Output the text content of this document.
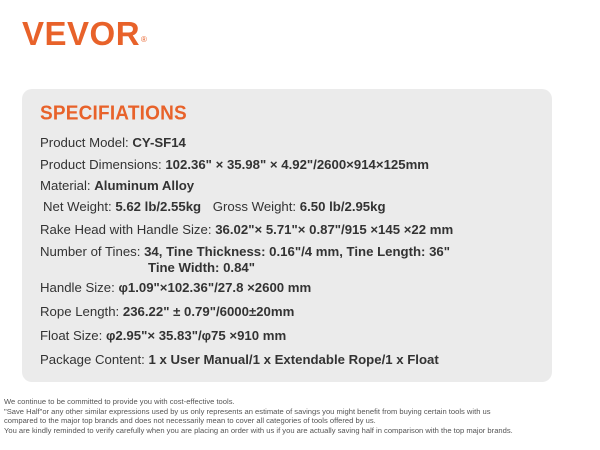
VEVOR®
SPECIFIATIONS
Product Model: CY-SF14
Product Dimensions: 102.36" × 35.98" × 4.92"/2600×914×125mm
Material: Aluminum Alloy
Net Weight: 5.62 lb/2.55kg Gross Weight: 6.50 lb/2.95kg
Rake Head with Handle Size: 36.02"× 5.71"× 0.87"/915 ×145 ×22 mm
Number of Tines: 34, Tine Thickness: 0.16"/4 mm, Tine Length: 36"
Tine Width: 0.84"
Handle Size: φ1.09"×102.36"/27.8 ×2600 mm
Rope Length: 236.22" ± 0.79"/6000±20mm
Float Size: φ2.95"× 35.83"/φ75 ×910 mm
Package Content: 1 x User Manual/1 x Extendable Rope/1 x Float
We continue to be committed to provide you with cost-effective tools.
"Save Half"or any other similar expressions used by us only represents an estimate of savings you might benefit from buying certain tools with us
compared to the major top brands and does not necessarily mean to cover all categories of tools offered by us.
You are kindly reminded to verify carefully when you are placing an order with us if you are actually saving half in comparison with the top major brands.
